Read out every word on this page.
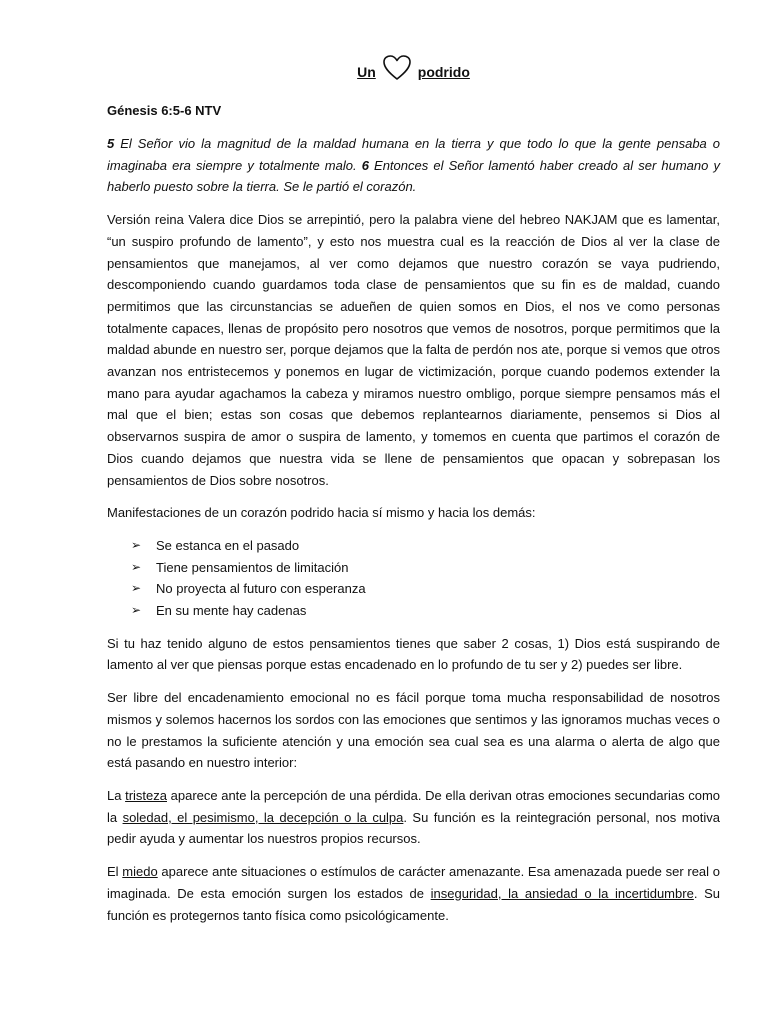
Un	podrido
Génesis 6:5-6 NTV

5 El Señor vio la magnitud de la maldad humana en la tierra y que todo lo que la gente pensaba o imaginaba era siempre y totalmente malo. 6 Entonces el Señor lamentó haber creado al ser humano y haberlo puesto sobre la tierra. Se le partió el corazón.

Versión reina Valera dice Dios se arrepintió, pero la palabra viene del hebreo NAKJAM que es lamentar, “un suspiro profundo de lamento”, y esto nos muestra cual es la reacción de Dios al ver la clase de pensamientos que manejamos, al ver como dejamos que nuestro corazón se vaya pudriendo, descomponiendo cuando guardamos toda clase de pensamientos que su fin es de maldad, cuando permitimos que las circunstancias se adueñen de quien somos en Dios, el nos ve como personas totalmente capaces, llenas de propósito pero nosotros que vemos de nosotros, porque permitimos que la maldad abunde en nuestro ser, porque dejamos que la falta de perdón nos ate, porque si vemos que otros avanzan nos entristecemos y ponemos en lugar de victimización, porque cuando podemos extender la mano para ayudar agachamos la cabeza y miramos nuestro ombligo, porque siempre pensamos más el mal que el bien; estas son cosas que debemos replantearnos diariamente, pensemos si Dios al observarnos suspira de amor o suspira de lamento, y tomemos en cuenta que partimos el corazón de Dios cuando dejamos que nuestra vida se llene de pensamientos que opacan y sobrepasan los pensamientos de Dios sobre nosotros.

Manifestaciones de un corazón podrido hacia sí mismo y hacia los demás:

➢ Se estanca en el pasado
➢ Tiene pensamientos de limitación
➢ No proyecta al futuro con esperanza
➢ En su mente hay cadenas

Si tu haz tenido alguno de estos pensamientos tienes que saber 2 cosas, 1) Dios está suspirando de lamento al ver que piensas porque estas encadenado en lo profundo de tu ser y 2) puedes ser libre.

Ser libre del encadenamiento emocional no es fácil porque toma mucha responsabilidad de nosotros mismos y solemos hacernos los sordos con las emociones que sentimos y las ignoramos muchas veces o no le prestamos la suficiente atención y una emoción sea cual sea es una alarma o alerta de algo que está pasando en nuestro interior:

La tristeza aparece ante la percepción de una pérdida. De ella derivan otras emociones secundarias como la soledad, el pesimismo, la decepción o la culpa. Su función es la reintegración personal, nos motiva pedir ayuda y aumentar los nuestros propios recursos.

El miedo aparece ante situaciones o estímulos de carácter amenazante. Esa amenazada puede ser real o imaginada. De esta emoción surgen los estados de inseguridad, la ansiedad o la incertidumbre. Su función es protegernos tanto física como psicológicamente.
